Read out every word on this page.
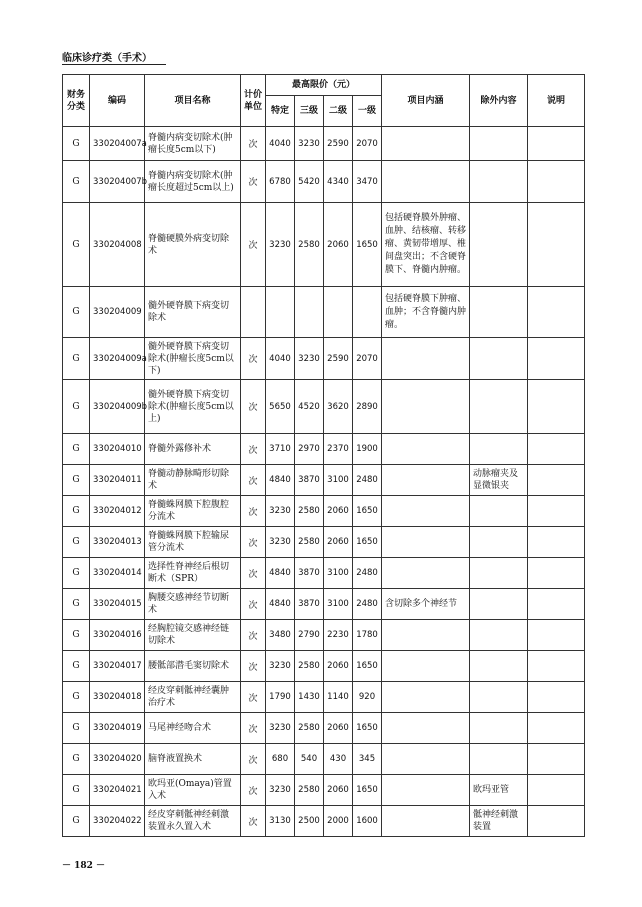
临床诊疗类（手术）
财务分类	编码	项目名称	计价单位	最高限价（元）				项目内涵	除外内容	说明
				特定	三级	二级	一级			
G	330204007a	脊髓内病变切除术(肿瘤长度5cm以下)	次	4040	3230	2590	2070			
G	330204007b	脊髓内病变切除术(肿瘤长度超过5cm以上)	次	6780	5420	4340	3470			
G	330204008	脊髓硬膜外病变切除术	次	3230	2580	2060	1650	包括硬脊膜外肿瘤、血肿、结核瘤、转移瘤、黄韧带增厚、椎间盘突出；不含硬脊膜下、脊髓内肿瘤。		
G	330204009	髓外硬脊膜下病变切除术						包括硬脊膜下肿瘤、血肿；不含脊髓内肿瘤。		
G	330204009a	髓外硬脊膜下病变切除术(肿瘤长度5cm以下)	次	4040	3230	2590	2070			
G	330204009b	髓外硬脊膜下病变切除术(肿瘤长度5cm以上)	次	5650	4520	3620	2890			
G	330204010	脊髓外露修补术	次	3710	2970	2370	1900			
G	330204011	脊髓动静脉畸形切除术	次	4840	3870	3100	2480		动脉瘤夹及显微银夹	
G	330204012	脊髓蛛网膜下腔腹腔分流术	次	3230	2580	2060	1650			
G	330204013	脊髓蛛网膜下腔输尿管分流术	次	3230	2580	2060	1650			
G	330204014	选择性脊神经后根切断术（SPR）	次	4840	3870	3100	2480			
G	330204015	胸腰交感神经节切断术	次	4840	3870	3100	2480	含切除多个神经节		
G	330204016	经胸腔镜交感神经链切除术	次	3480	2790	2230	1780			
G	330204017	腰骶部潜毛窦切除术	次	3230	2580	2060	1650			
G	330204018	经皮穿刺骶神经囊肿治疗术	次	1790	1430	1140	920			
G	330204019	马尾神经吻合术	次	3230	2580	2060	1650			
G	330204020	脑脊液置换术	次	680	540	430	345			
G	330204021	欧玛亚(Omaya)管置入术	次	3230	2580	2060	1650		欧玛亚管	
G	330204022	经皮穿刺骶神经刺激装置永久置入术	次	3130	2500	2000	1600		骶神经刺激装置	
－ 182 －
